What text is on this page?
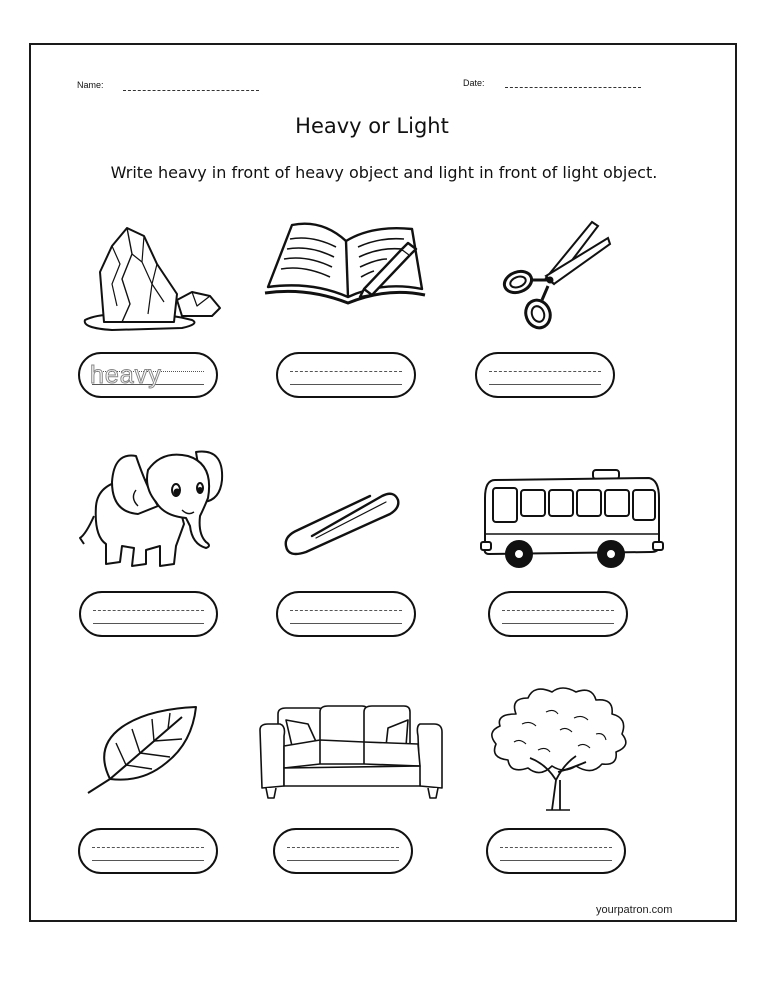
Name:	Date:
Heavy or Light
Write heavy in front of heavy object and light in front of light object.
heavy
yourpatron.com
